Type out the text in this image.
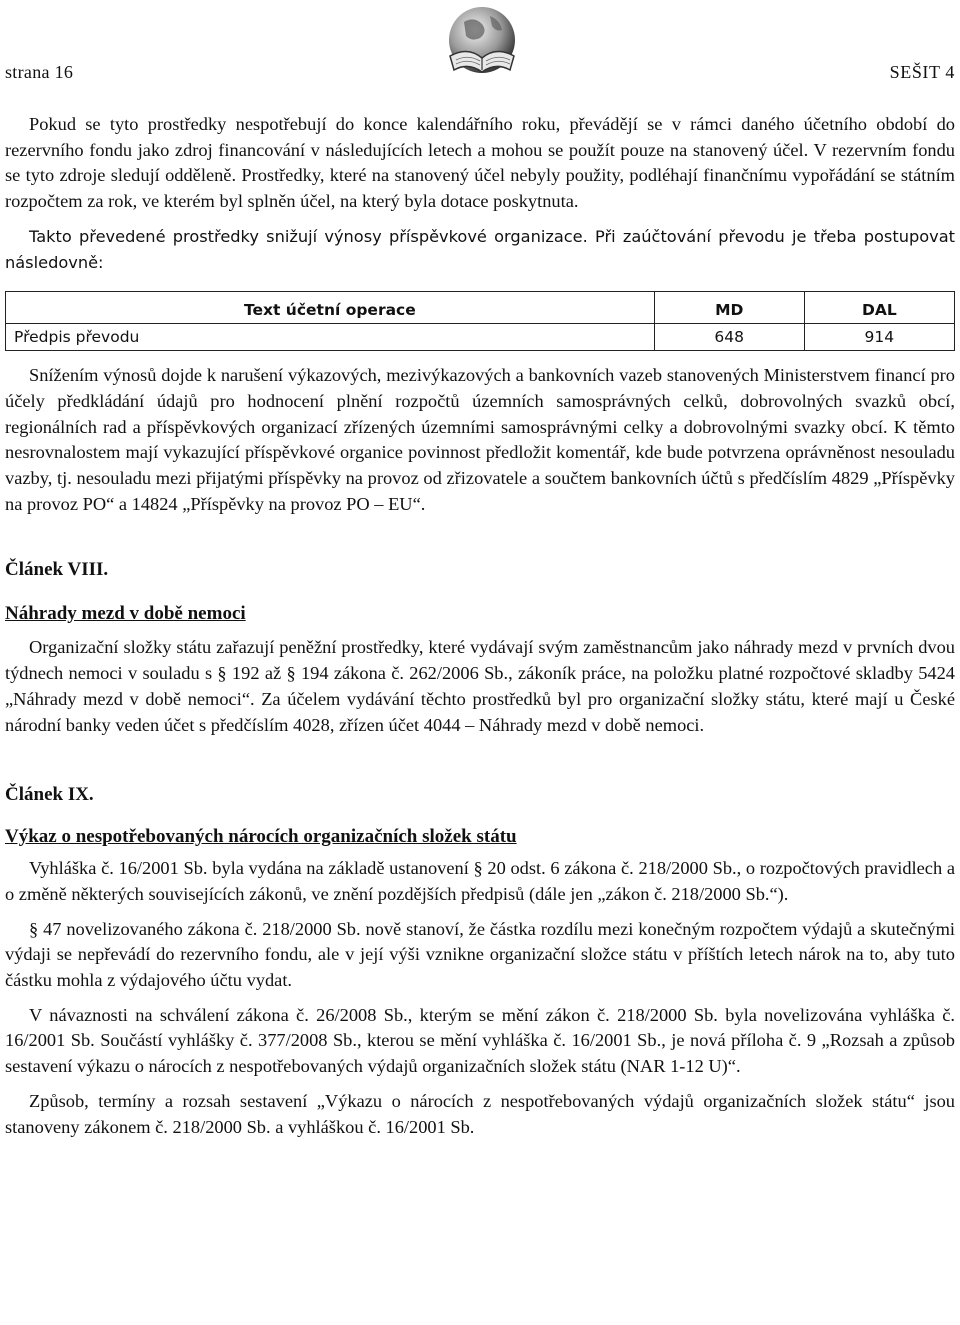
strana 16	SEŠIT 4

Pokud se tyto prostředky nespotřebují do konce kalendářního roku, převádějí se v rámci daného účetního období do rezervního fondu jako zdroj financování v následujících letech a mohou se použít pouze na stanovený účel. V rezervním fondu se tyto zdroje sledují odděleně. Prostředky, které na stanovený účel nebyly použity, podléhají finančnímu vypořádání se státním rozpočtem za rok, ve kterém byl splněn účel, na který byla dotace poskytnuta.

Takto převedené prostředky snižují výnosy příspěvkové organizace. Při zaúčtování převodu je třeba postupovat následovně:

Text účetní operace	MD	DAL
Předpis převodu	648	914

Snížením výnosů dojde k narušení výkazových, mezivýkazových a bankovních vazeb stanovených Ministerstvem financí pro účely předkládání údajů pro hodnocení plnění rozpočtů územních samosprávných celků, dobrovolných svazků obcí, regionálních rad a příspěvkových organizací zřízených územními samosprávnými celky a dobrovolnými svazky obcí. K těmto nesrovnalostem mají vykazující příspěvkové organice povinnost předložit komentář, kde bude potvrzena oprávněnost nesouladu vazby, tj. nesouladu mezi přijatými příspěvky na provoz od zřizovatele a součtem bankovních účtů s předčíslím 4829 „Příspěvky na provoz PO“ a 14824 „Příspěvky na provoz PO – EU“.

Článek VIII.
Náhrady mezd v době nemoci

Organizační složky státu zařazují peněžní prostředky, které vydávají svým zaměstnancům jako náhrady mezd v prvních dvou týdnech nemoci v souladu s § 192 až § 194 zákona č. 262/2006 Sb., zákoník práce, na položku platné rozpočtové skladby 5424 „Náhrady mezd v době nemoci“. Za účelem vydávání těchto prostředků byl pro organizační složky státu, které mají u České národní banky veden účet s předčíslím 4028, zřízen účet 4044 – Náhrady mezd v době nemoci.

Článek IX.
Výkaz o nespotřebovaných nárocích organizačních složek státu

Vyhláška č. 16/2001 Sb. byla vydána na základě ustanovení § 20 odst. 6 zákona č. 218/2000 Sb., o rozpočtových pravidlech a o změně některých souvisejících zákonů, ve znění pozdějších předpisů (dále jen „zákon č. 218/2000 Sb.“).

§ 47 novelizovaného zákona č. 218/2000 Sb. nově stanoví, že částka rozdílu mezi konečným rozpočtem výdajů a skutečnými výdaji se nepřevádí do rezervního fondu, ale v její výši vznikne organizační složce státu v příštích letech nárok na to, aby tuto částku mohla z výdajového účtu vydat.

V návaznosti na schválení zákona č. 26/2008 Sb., kterým se mění zákon č. 218/2000 Sb. byla novelizována vyhláška č. 16/2001 Sb. Součástí vyhlášky č. 377/2008 Sb., kterou se mění vyhláška č. 16/2001 Sb., je nová příloha č. 9 „Rozsah a způsob sestavení výkazu o nárocích z nespotřebovaných výdajů organizačních složek státu (NAR 1-12 U)“.

Způsob, termíny a rozsah sestavení „Výkazu o nárocích z nespotřebovaných výdajů organizačních složek státu“ jsou stanoveny zákonem č. 218/2000 Sb. a vyhláškou č. 16/2001 Sb.
